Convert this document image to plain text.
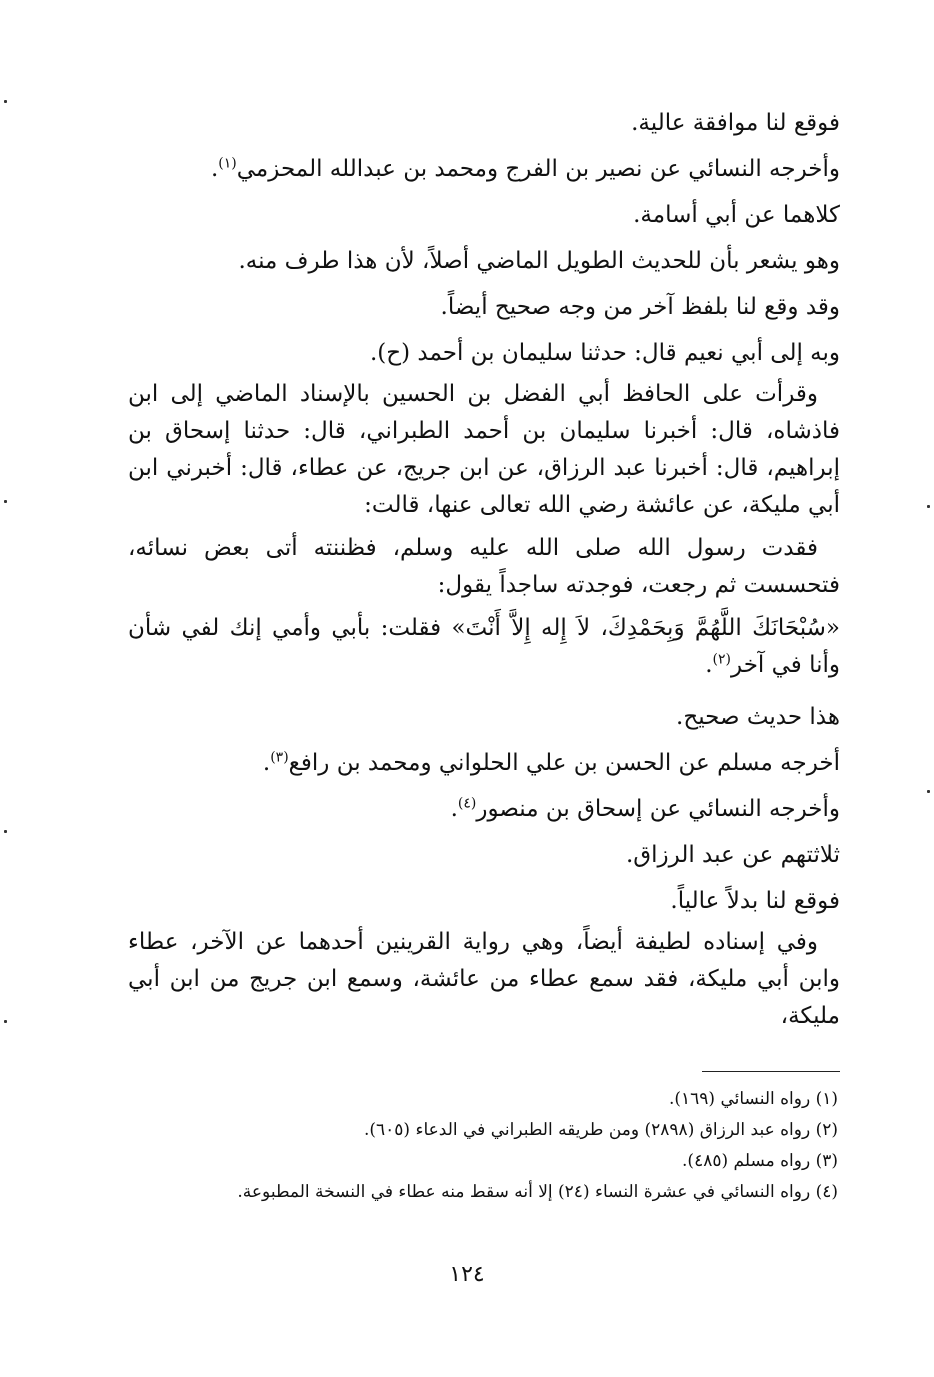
فوقع لنا موافقة عالية.
وأخرجه النسائي عن نصير بن الفرج ومحمد بن عبدالله المحزمي$^{(١)}$.
كلاهما عن أبي أسامة.
وهو يشعر بأن للحديث الطويل الماضي أصلاً، لأن هذا طرف منه.
وقد وقع لنا بلفظ آخر من وجه صحيح أيضاً.
وبه إلى أبي نعيم قال: حدثنا سليمان بن أحمد (ح).

وقرأت على الحافظ أبي الفضل بن الحسين بالإسناد الماضي إلى ابن فاذشاه، قال: أخبرنا سليمان بن أحمد الطبراني، قال: حدثنا إسحاق بن إبراهيم، قال: أخبرنا عبد الرزاق، عن ابن جريج، عن عطاء، قال: أخبرني ابن أبي مليكة، عن عائشة رضي الله تعالى عنها، قالت:

فقدت رسول الله صلى الله عليه وسلم، فظننته أتى بعض نسائه، فتحسست ثم رجعت، فوجدته ساجداً يقول:

«سُبْحَانَكَ اللَّهُمَّ وَبِحَمْدِكَ، لاَ إِله إِلاَّ أَنْتَ» فقلت: بأبي وأمي إنك لفي شأن وأنا في آخر$^{(٢)}$.

هذا حديث صحيح.
أخرجه مسلم عن الحسن بن علي الحلواني ومحمد بن رافع$^{(٣)}$.
وأخرجه النسائي عن إسحاق بن منصور$^{(٤)}$.
ثلاثتهم عن عبد الرزاق.
فوقع لنا بدلاً عالياً.

وفي إسناده لطيفة أيضاً، وهي رواية القرينين أحدهما عن الآخر، عطاء وابن أبي مليكة، فقد سمع عطاء من عائشة، وسمع ابن جريج من ابن أبي مليكة،

(١) رواه النسائي (١٦٩).
(٢) رواه عبد الرزاق (٢٨٩٨) ومن طريقه الطبراني في الدعاء (٦٠٥).
(٣) رواه مسلم (٤٨٥).
(٤) رواه النسائي في عشرة النساء (٢٤) إلا أنه سقط منه عطاء في النسخة المطبوعة.
١٢٤
